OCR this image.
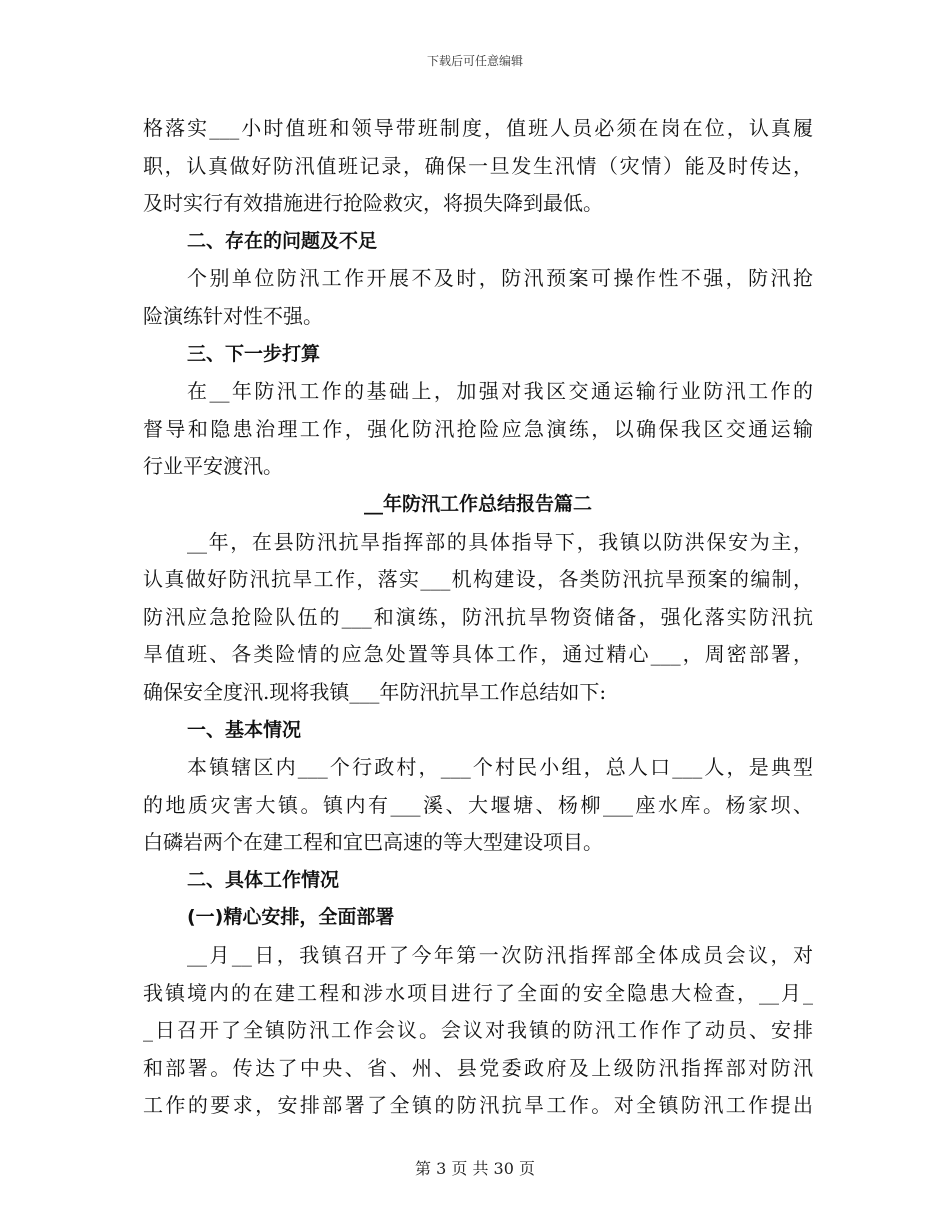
下载后可任意编辑
格落实___小时值班和领导带班制度，值班人员必须在岗在位，认真履
职，认真做好防汛值班记录，确保一旦发生汛情（灾情）能及时传达，
及时实行有效措施进行抢险救灾，将损失降到最低。
二、存在的问题及不足
个别单位防汛工作开展不及时，防汛预案可操作性不强，防汛抢
险演练针对性不强。
三、下一步打算
在__年防汛工作的基础上，加强对我区交通运输行业防汛工作的
督导和隐患治理工作，强化防汛抢险应急演练，以确保我区交通运输
行业平安渡汛。
__年防汛工作总结报告篇二
__年，在县防汛抗旱指挥部的具体指导下，我镇以防洪保安为主，
认真做好防汛抗旱工作，落实___机构建设，各类防汛抗旱预案的编制，
防汛应急抢险队伍的___和演练，防汛抗旱物资储备，强化落实防汛抗
旱值班、各类险情的应急处置等具体工作，通过精心___，周密部署，
确保安全度汛.现将我镇___年防汛抗旱工作总结如下:
一、基本情况
本镇辖区内___个行政村，___个村民小组，总人口___人，是典型
的地质灾害大镇。镇内有___溪、大堰塘、杨柳___座水库。杨家坝、
白磷岩两个在建工程和宜巴高速的等大型建设项目。
二、具体工作情况
(一)精心安排，全面部署
__月__日，我镇召开了今年第一次防汛指挥部全体成员会议，对
我镇境内的在建工程和涉水项目进行了全面的安全隐患大检查，__月_
_日召开了全镇防汛工作会议。会议对我镇的防汛工作作了动员、安排
和部署。传达了中央、省、州、县党委政府及上级防汛指挥部对防汛
工作的要求，安排部署了全镇的防汛抗旱工作。对全镇防汛工作提出
第 3 页 共 30 页
